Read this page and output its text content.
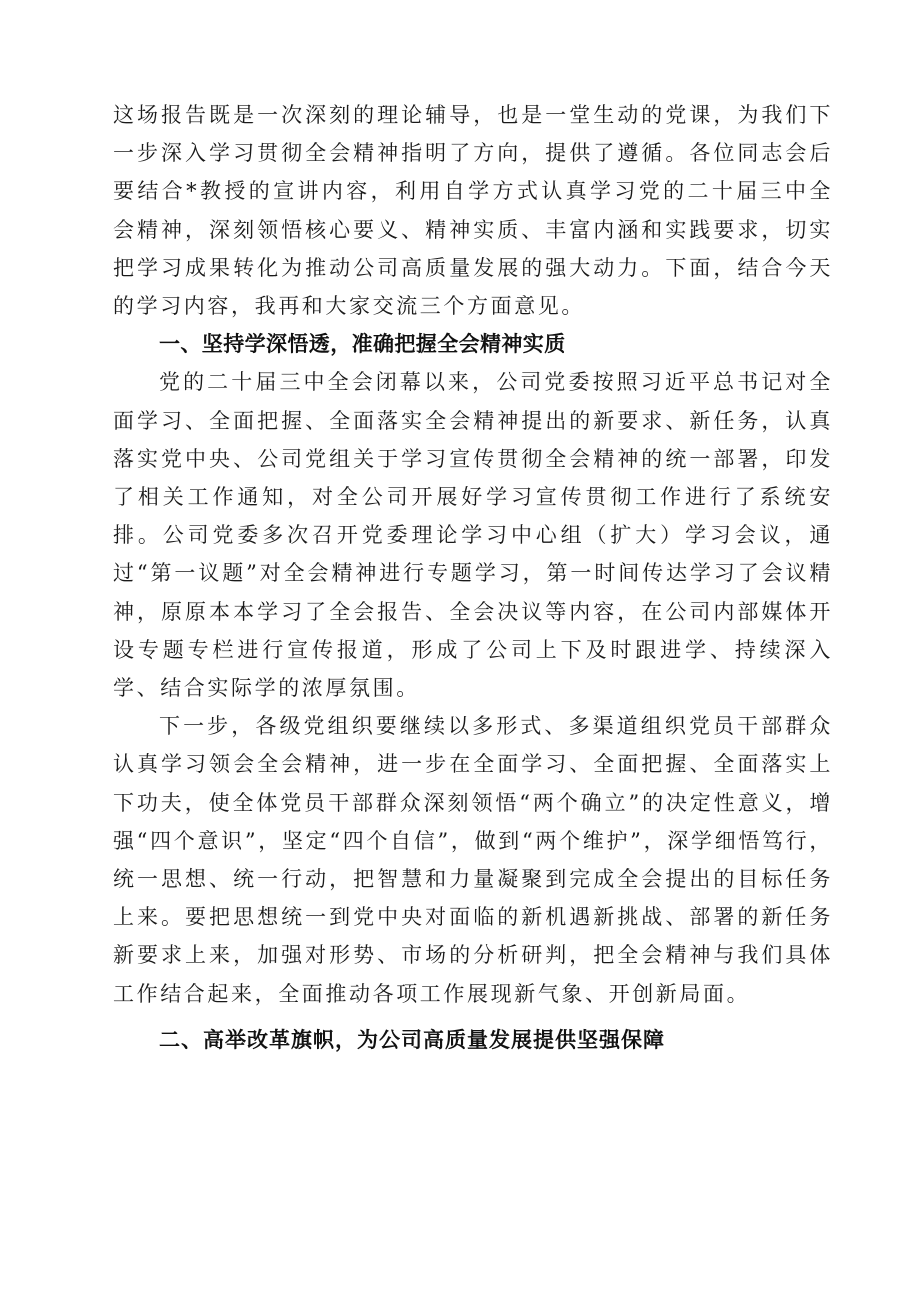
这场报告既是一次深刻的理论辅导，也是一堂生动的党课，为我们下一步深入学习贯彻全会精神指明了方向，提供了遵循。各位同志会后要结合*教授的宣讲内容，利用自学方式认真学习党的二十届三中全会精神，深刻领悟核心要义、精神实质、丰富内涵和实践要求，切实把学习成果转化为推动公司高质量发展的强大动力。下面，结合今天的学习内容，我再和大家交流三个方面意见。

一、坚持学深悟透，准确把握全会精神实质

党的二十届三中全会闭幕以来，公司党委按照习近平总书记对全面学习、全面把握、全面落实全会精神提出的新要求、新任务，认真落实党中央、公司党组关于学习宣传贯彻全会精神的统一部署，印发了相关工作通知，对全公司开展好学习宣传贯彻工作进行了系统安排。公司党委多次召开党委理论学习中心组（扩大）学习会议，通过“第一议题”对全会精神进行专题学习，第一时间传达学习了会议精神，原原本本学习了全会报告、全会决议等内容，在公司内部媒体开设专题专栏进行宣传报道，形成了公司上下及时跟进学、持续深入学、结合实际学的浓厚氛围。

下一步，各级党组织要继续以多形式、多渠道组织党员干部群众认真学习领会全会精神，进一步在全面学习、全面把握、全面落实上下功夫，使全体党员干部群众深刻领悟“两个确立”的决定性意义，增强“四个意识”，坚定“四个自信”，做到“两个维护”，深学细悟笃行，统一思想、统一行动，把智慧和力量凝聚到完成全会提出的目标任务上来。要把思想统一到党中央对面临的新机遇新挑战、部署的新任务新要求上来，加强对形势、市场的分析研判，把全会精神与我们具体工作结合起来，全面推动各项工作展现新气象、开创新局面。

二、高举改革旗帜，为公司高质量发展提供坚强保障
